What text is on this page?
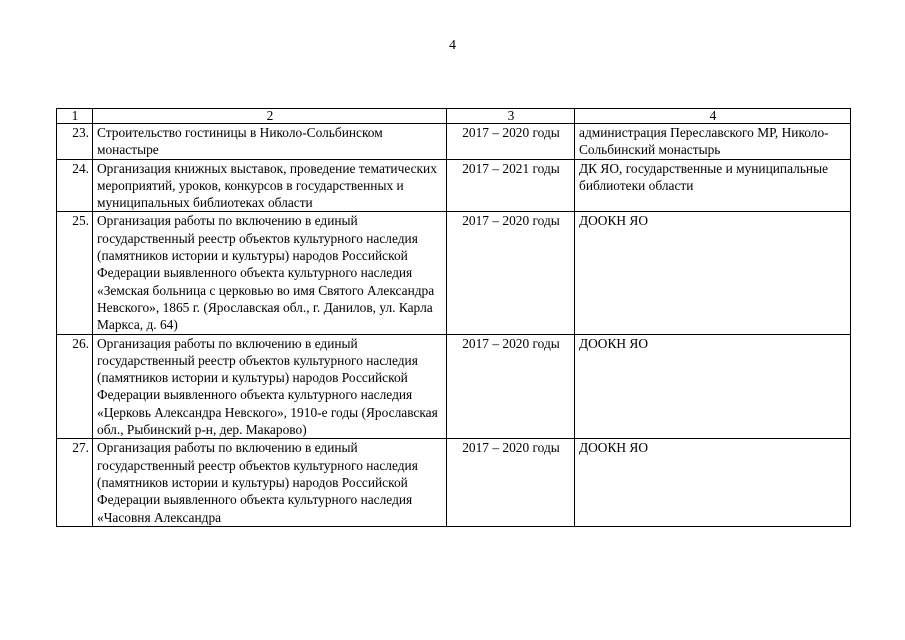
4
1	2	3	4
23.	Строительство гостиницы в Николо-Сольбинском монастыре	2017 – 2020 годы	администрация Переславского МР, Николо-Сольбинский монастырь
24.	Организация книжных выставок, проведение тематических мероприятий, уроков, конкурсов в государственных и муниципальных библиотеках области	2017 – 2021 годы	ДК ЯО, государственные и муниципальные библиотеки области
25.	Организация работы по включению в единый государственный реестр объектов культурного наследия (памятников истории и культуры) народов Российской Федерации выявленного объекта культурного наследия «Земская больница с церковью во имя Святого Александра Невского», 1865 г. (Ярославская обл., г. Данилов, ул. Карла Маркса, д. 64)	2017 – 2020 годы	ДООКН ЯО
26.	Организация работы по включению в единый государственный реестр объектов культурного наследия (памятников истории и культуры) народов Российской Федерации выявленного объекта культурного наследия «Церковь Александра Невского», 1910-е годы (Ярославская обл., Рыбинский р-н, дер. Макарово)	2017 – 2020 годы	ДООКН ЯО
27.	Организация работы по включению в единый государственный реестр объектов культурного наследия (памятников истории и культуры) народов Российской Федерации выявленного объекта культурного наследия «Часовня Александра	2017 – 2020 годы	ДООКН ЯО
